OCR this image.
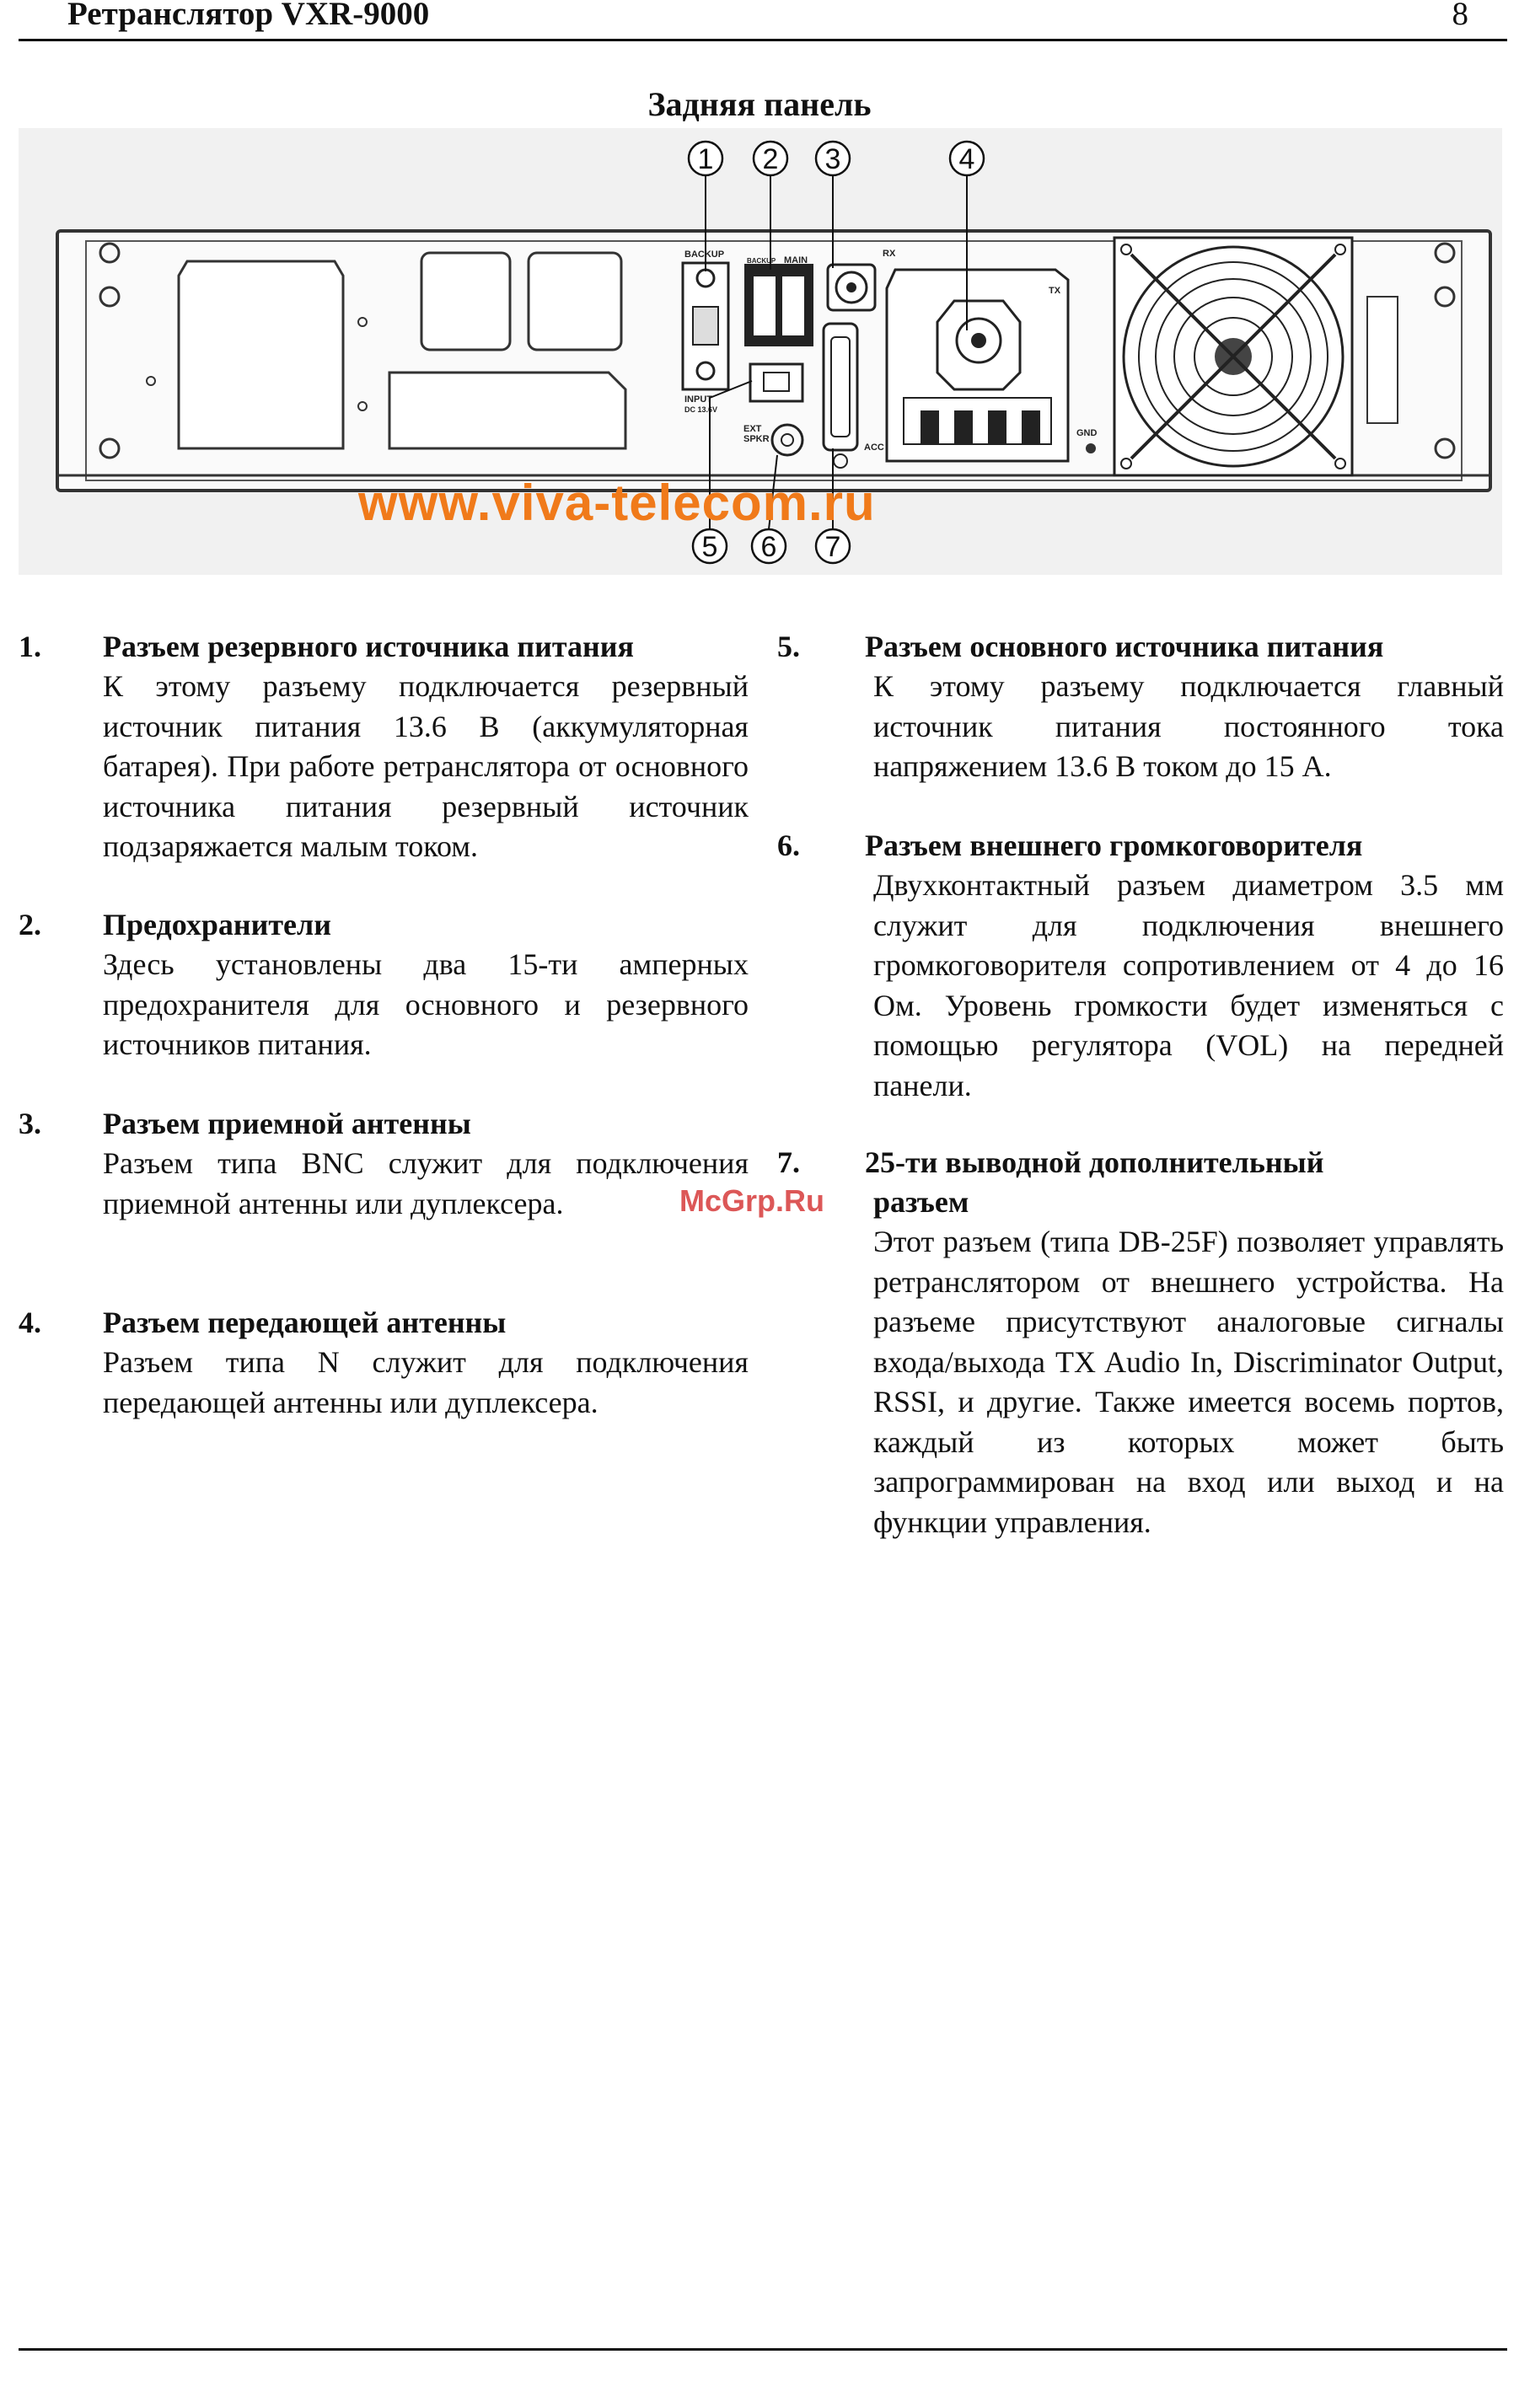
Ретранслятор VXR-9000	8
Задняя панель
BACKUP
BACKUP MAIN
RX
TX
INPUT
DC 13.6V
EXT
SPKR
ACC
GND
1 2 3	4
5 6 7
www.viva-telecom.ru
1. Разъем резервного источника питания
К этому разъему подключается резервный источник питания 13.6 В (аккумуляторная батарея). При работе ретранслятора от основного источника питания резервный источник подзаряжается малым током.
2. Предохранители
Здесь установлены два 15-ти амперных предохранителя для основного и резервного источников питания.
3. Разъем приемной антенны
Разъем типа BNC служит для подключения приемной антенны или дуплексера.
4. Разъем передающей антенны
Разъем типа N служит для подключения передающей антенны или дуплексера.
5. Разъем основного источника питания
К этому разъему подключается главный источник питания постоянного тока напряжением 13.6 В током до 15 А.
6. Разъем внешнего громкоговорителя
Двухконтактный разъем диаметром 3.5 мм служит для подключения внешнего громкоговорителя сопротивлением от 4 до 16 Ом. Уровень громкости будет изменяться с помощью регулятора (VOL) на передней панели.
7. 25-ти выводной дополнительный
разъем
Этот разъем (типа DB-25F) позволяет управлять ретранслятором от внешнего устройства. На разъеме присутствуют аналоговые сигналы входа/выхода TX Audio In, Discriminator Output, RSSI, и другие. Также имеется восемь портов, каждый из которых может быть запрограммирован на вход или выход и на функции управления.
McGrp.Ru
